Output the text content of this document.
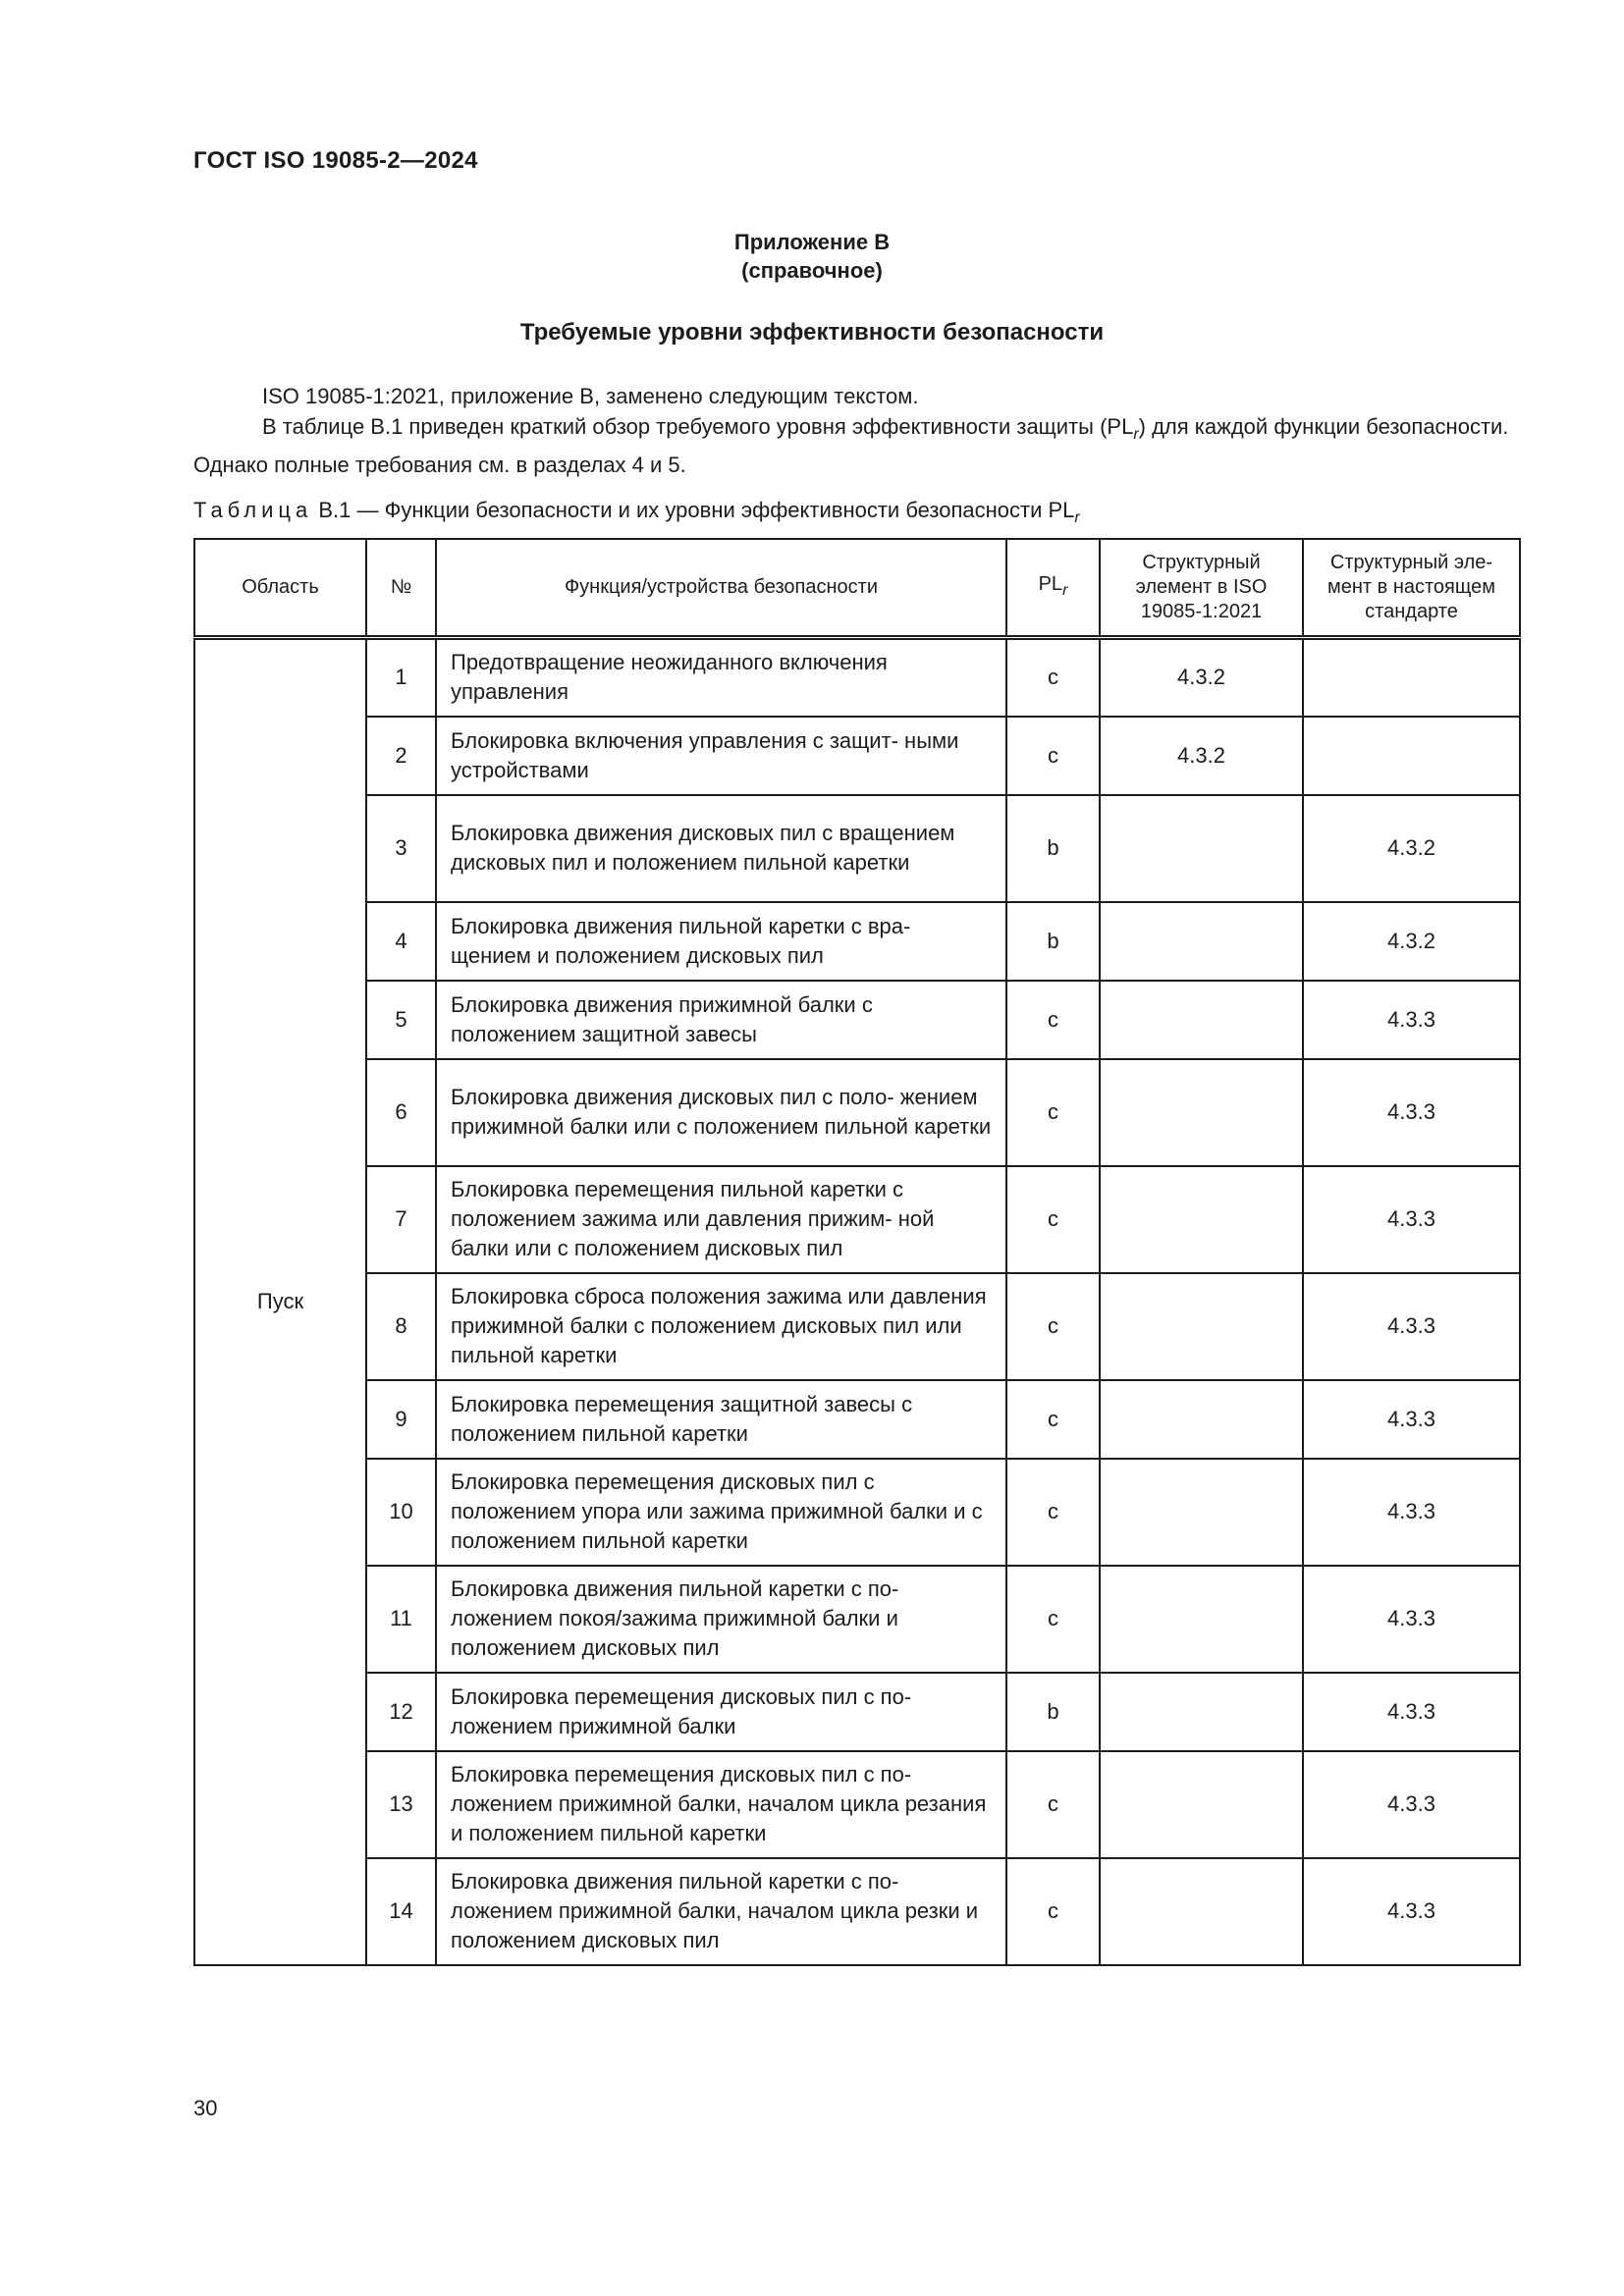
ГОСТ ISO 19085-2—2024
Приложение В
(справочное)
Требуемые уровни эффективности безопасности

ISO 19085-1:2021, приложение В, заменено следующим текстом.

В таблице В.1 приведен краткий обзор требуемого уровня эффективности защиты $(PL_r)$ для каждой функции безопасности. Однако полные требования см. в разделах 4 и 5.

Таблица В.1 — Функции безопасности и их уровни эффективности безопасности $PL_r$
Область	№	Функция/устройства безопасности	$PL_r$	Структурный элемент в ISO 19085-1:2021	Структурный эле- мент в настоящем стандарте
Пуск	1	Предотвращение неожиданного включения управления	c	4.3.2	
	2	Блокировка включения управления с защит- ными устройствами	c	4.3.2	
	3	Блокировка движения дисковых пил с вращением дисковых пил и положением пильной каретки	b		4.3.2
	4	Блокировка движения пильной каретки с вра- щением и положением дисковых пил	b		4.3.2
	5	Блокировка движения прижимной балки с положением защитной завесы	c		4.3.3
	6	Блокировка движения дисковых пил с поло- жением прижимной балки или с положением пильной каретки	c		4.3.3
	7	Блокировка перемещения пильной каретки с положением зажима или давления прижим- ной балки или с положением дисковых пил	c		4.3.3
	8	Блокировка сброса положения зажима или давления прижимной балки с положением дисковых пил или пильной каретки	c		4.3.3
	9	Блокировка перемещения защитной завесы с положением пильной каретки	c		4.3.3
	10	Блокировка перемещения дисковых пил с положением упора или зажима прижимной балки и с положением пильной каретки	c		4.3.3
	11	Блокировка движения пильной каретки с по- ложением покоя/зажима прижимной балки и положением дисковых пил	c		4.3.3
	12	Блокировка перемещения дисковых пил с по- ложением прижимной балки	b		4.3.3
	13	Блокировка перемещения дисковых пил с по- ложением прижимной балки, началом цикла резания и положением пильной каретки	c		4.3.3
	14	Блокировка движения пильной каретки с по- ложением прижимной балки, началом цикла резки и положением дисковых пил	c		4.3.3
30
